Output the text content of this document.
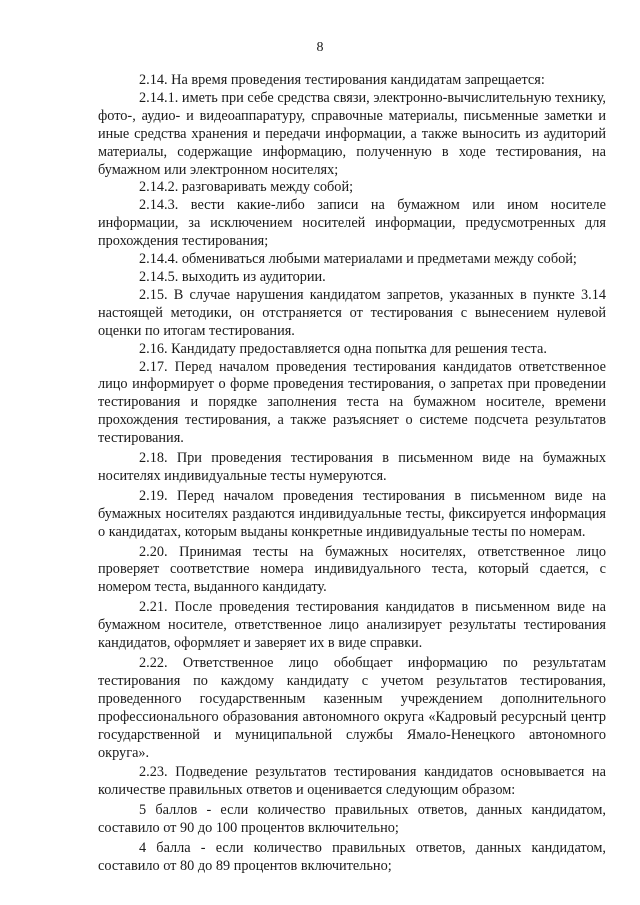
8

2.14. На время проведения тестирования кандидатам запрещается:

2.14.1. иметь при себе средства связи, электронно-вычислительную технику, фото-, аудио- и видеоаппаратуру, справочные материалы, письменные заметки и иные средства хранения и передачи информации, а также выносить из аудиторий материалы, содержащие информацию, полученную в ходе тестирования, на бумажном или электронном носителях;

2.14.2. разговаривать между собой;

2.14.3. вести какие-либо записи на бумажном или ином носителе информации, за исключением носителей информации, предусмотренных для прохождения тестирования;

2.14.4. обмениваться любыми материалами и предметами между собой;

2.14.5. выходить из аудитории.

2.15. В случае нарушения кандидатом запретов, указанных в пункте 3.14 настоящей методики, он отстраняется от тестирования с вынесением нулевой оценки по итогам тестирования.

2.16. Кандидату предоставляется одна попытка для решения теста.

2.17. Перед началом проведения тестирования кандидатов ответственное лицо информирует о форме проведения тестирования, о запретах при проведении тестирования и порядке заполнения теста на бумажном носителе, времени прохождения тестирования, а также разъясняет о системе подсчета результатов тестирования.

2.18. При проведения тестирования в письменном виде на бумажных носителях индивидуальные тесты нумеруются.

2.19. Перед началом проведения тестирования в письменном виде на бумажных носителях раздаются индивидуальные тесты, фиксируется информация о кандидатах, которым выданы конкретные индивидуальные тесты по номерам.

2.20. Принимая тесты на бумажных носителях, ответственное лицо проверяет соответствие номера индивидуального теста, который сдается, с номером теста, выданного кандидату.

2.21. После проведения тестирования кандидатов в письменном виде на бумажном носителе, ответственное лицо анализирует результаты тестирования кандидатов, оформляет и заверяет их в виде справки.

2.22. Ответственное лицо обобщает информацию по результатам тестирования по каждому кандидату с учетом результатов тестирования, проведенного государственным казенным учреждением дополнительного профессионального образования автономного округа «Кадровый ресурсный центр государственной и муниципальной службы Ямало-Ненецкого автономного округа».

2.23. Подведение результатов тестирования кандидатов основывается на количестве правильных ответов и оценивается следующим образом:

5 баллов - если количество правильных ответов, данных кандидатом, составило от 90 до 100 процентов включительно;

4 балла - если количество правильных ответов, данных кандидатом, составило от 80 до 89 процентов включительно;
